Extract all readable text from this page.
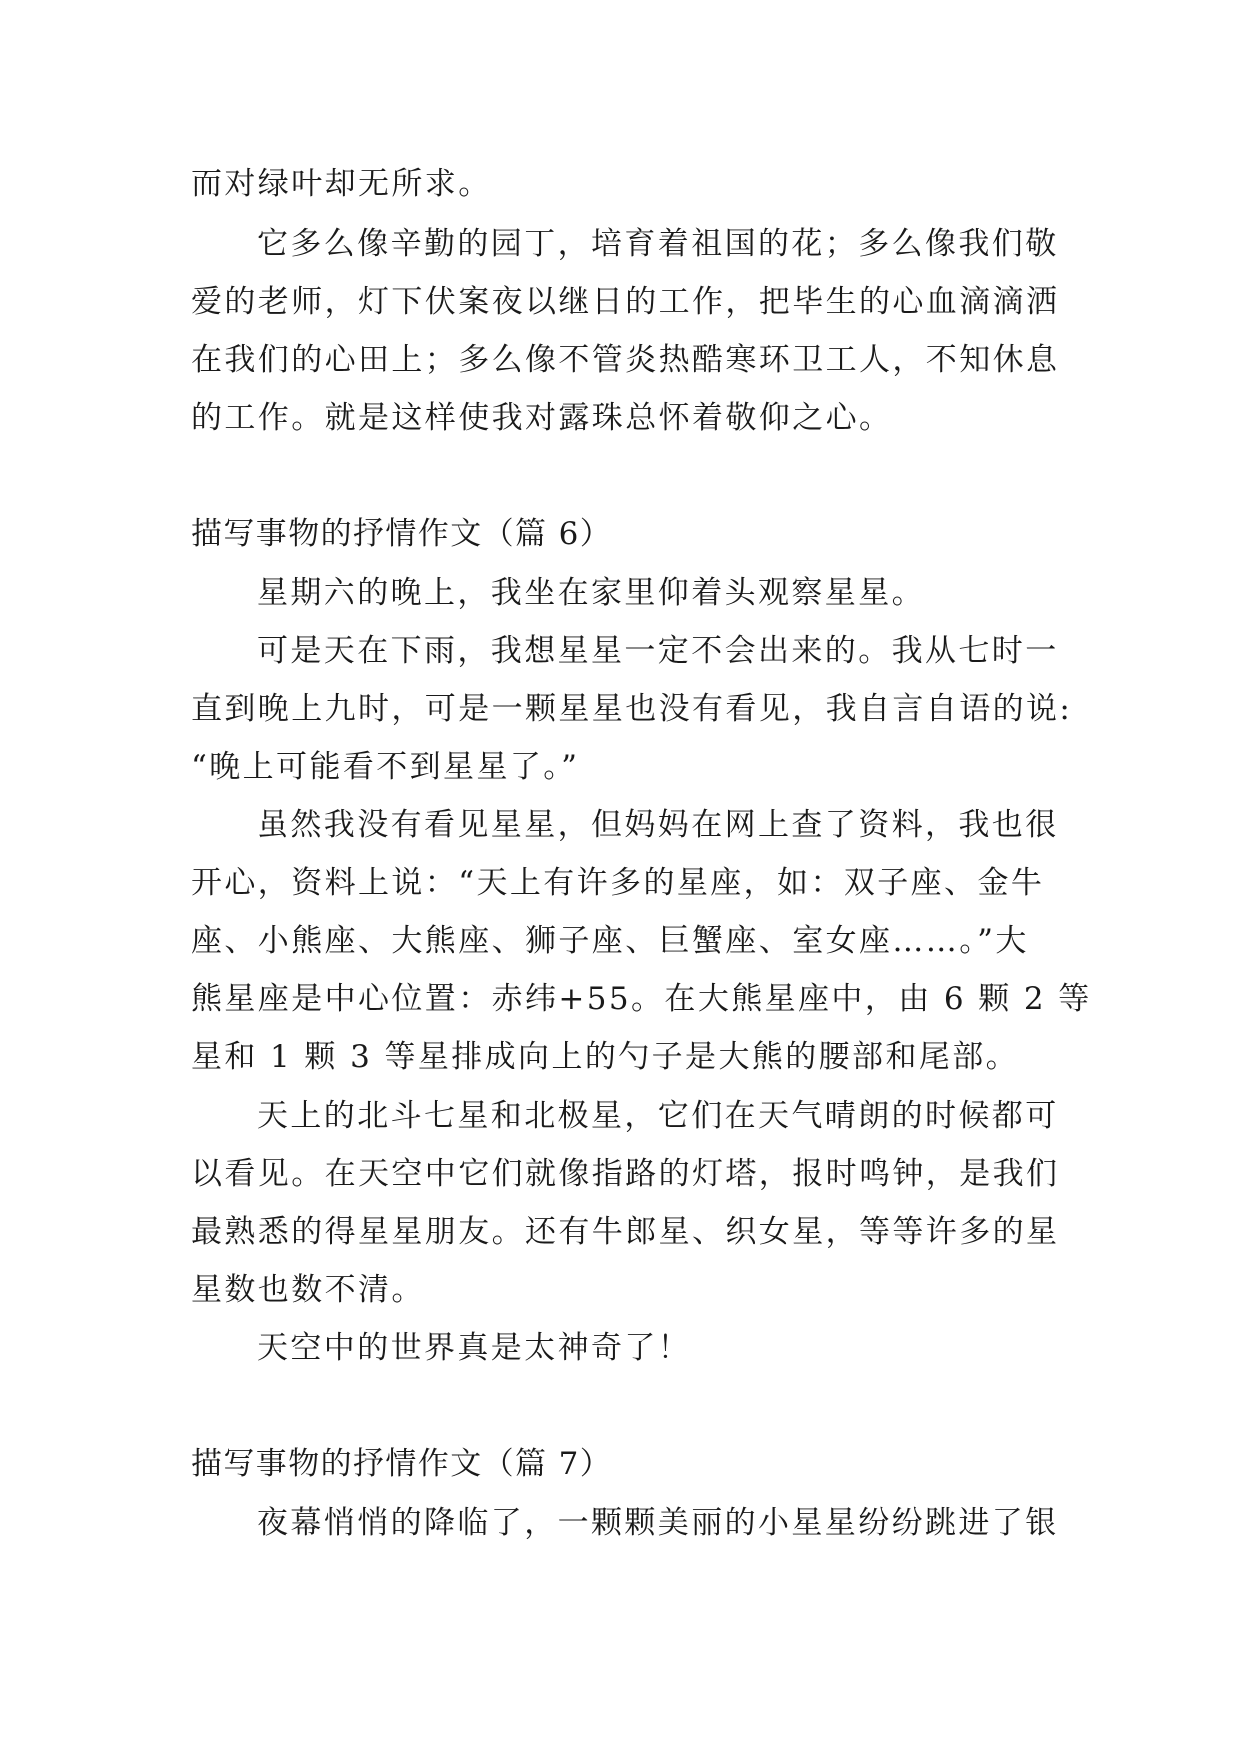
而对绿叶却无所求。
它多么像辛勤的园丁，培育着祖国的花；多么像我们敬
爱的老师，灯下伏案夜以继日的工作，把毕生的心血滴滴洒
在我们的心田上；多么像不管炎热酷寒环卫工人，不知休息
的工作。就是这样使我对露珠总怀着敬仰之心。
描写事物的抒情作文（篇 6）
星期六的晚上，我坐在家里仰着头观察星星。
可是天在下雨，我想星星一定不会出来的。我从七时一
直到晚上九时，可是一颗星星也没有看见，我自言自语的说:
“晚上可能看不到星星了。”
虽然我没有看见星星，但妈妈在网上查了资料，我也很
开心，资料上说：“天上有许多的星座，如：双子座、金牛
座、小熊座、大熊座、狮子座、巨蟹座、室女座……。”大
熊星座是中心位置：赤纬+55。在大熊星座中，由 6 颗 2 等
星和 1 颗 3 等星排成向上的勺子是大熊的腰部和尾部。
天上的北斗七星和北极星，它们在天气晴朗的时候都可
以看见。在天空中它们就像指路的灯塔，报时鸣钟，是我们
最熟悉的得星星朋友。还有牛郎星、织女星，等等许多的星
星数也数不清。
天空中的世界真是太神奇了！
描写事物的抒情作文（篇 7）
夜幕悄悄的降临了，一颗颗美丽的小星星纷纷跳进了银
